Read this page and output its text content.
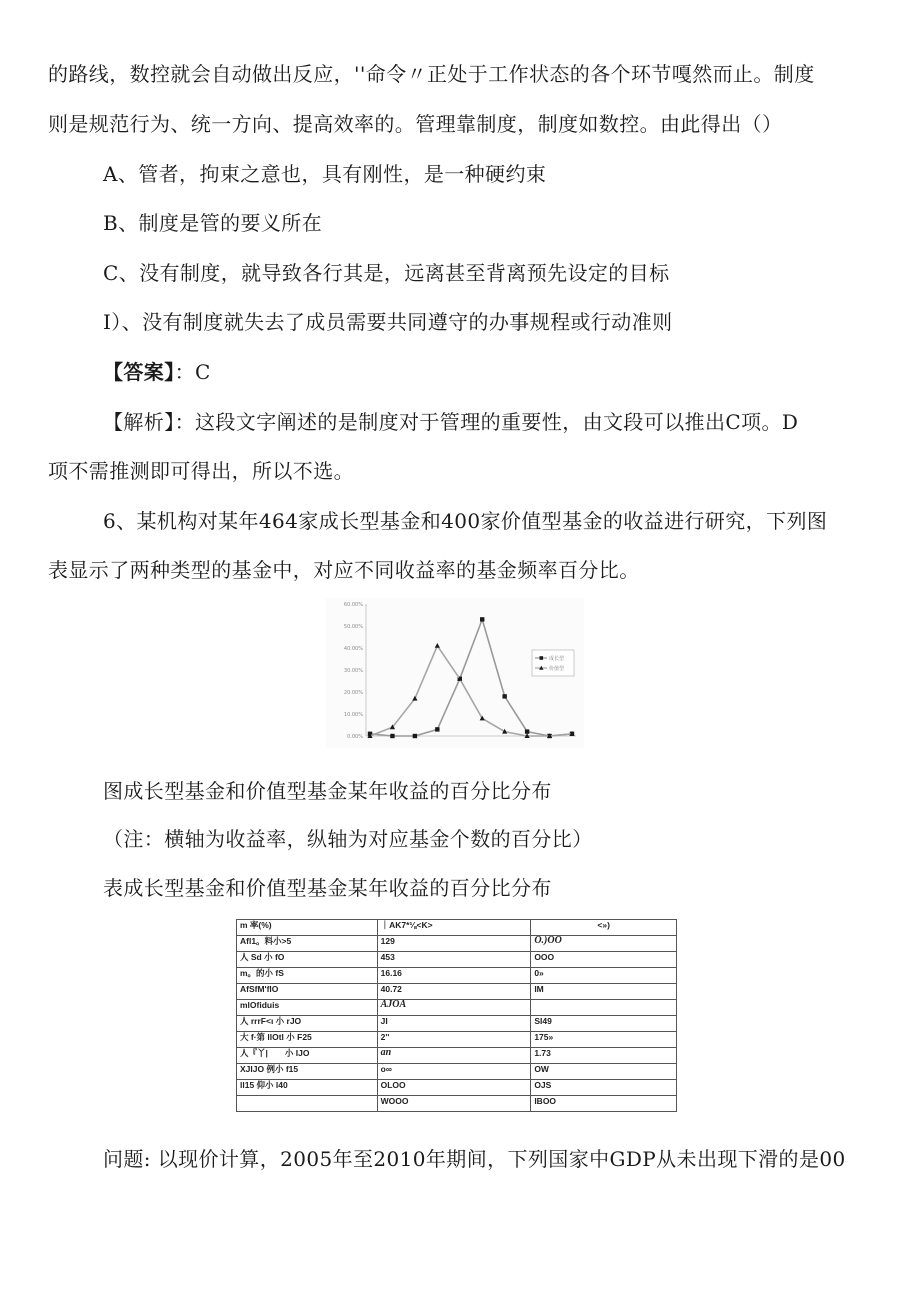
的路线，数控就会自动做出反应，''命令〃正处于工作状态的各个环节嘎然而止。制度
则是规范行为、统一方向、提高效率的。管理靠制度，制度如数控。由此得出（）
A、管者，拘束之意也，具有刚性，是一种硬约束
B、制度是管的要义所在
C、没有制度，就导致各行其是，远离甚至背离预先设定的目标
I）、没有制度就失去了成员需要共同遵守的办事规程或行动准则
【答案】：C
【解析】：这段文字阐述的是制度对于管理的重要性，由文段可以推出C项。D
项不需推测即可得出，所以不选。
6、某机构对某年464家成长型基金和400家价值型基金的收益进行研究，下列图
表显示了两种类型的基金中，对应不同收益率的基金频率百分比。
60.00%
50.00%
40.00%
30.00%
20.00%
10.00%
0.00%
成长型
价值型
图成长型基金和价值型基金某年收益的百分比分布
（注：横轴为收益率，纵轴为对应基金个数的百分比）
表成长型基金和价值型基金某年收益的百分比分布
m 率(%)	｜AK7*⅛<K>	<»)
Afl1。料小>5	129	O.)OO
人 Sd 小 fO	453	OOO
m。的小 fS	16.16	0»
AfSfM'flO	40.72	IM
mlOfiduis	AJOA	
人 rrrF<ι 小 rJO	JI	SI49
大 f·第 llOtl 小 F25	2''	175»
人『丫|　　小 IJO	an	1.73
XJIJO 例小 f15	o∞	OW
ll15 仰小 l40	OLOO	OJS
	WOOO	IBOO
问题: 以现价计算，2005年至2010年期间，下列国家中GDP从未出现下滑的是00
